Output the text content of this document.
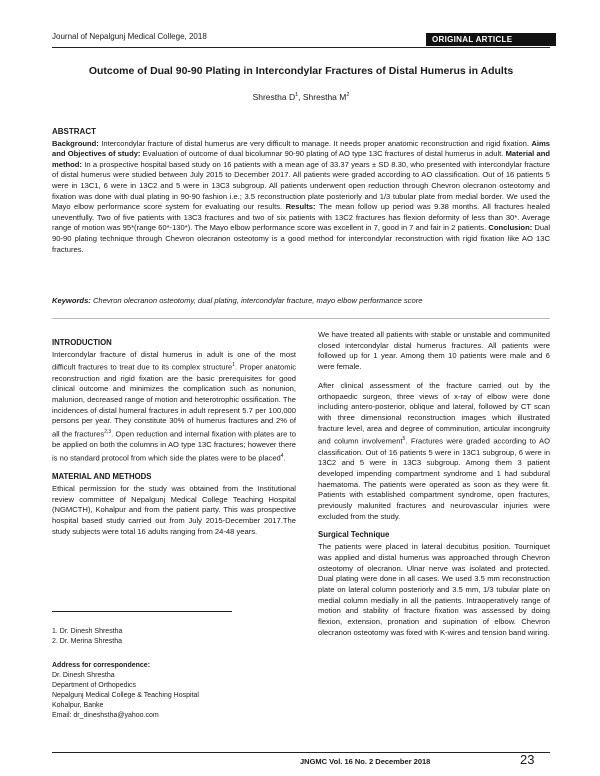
Journal of Nepalgunj Medical College, 2018	ORIGINAL ARTICLE
Outcome of Dual 90-90 Plating in Intercondylar Fractures of Distal Humerus in Adults
Shrestha $D^1$, Shrestha $M^2$
ABSTRACT
Background: Intercondylar fracture of distal humerus are very difficult to manage. It needs proper anatomic reconstruction and rigid fixation. Aims and Objectives of study: Evaluation of outcome of dual bicolumnar 90-90 plating of AO type 13C fractures of distal humerus in adult. Material and method: In a prospective hospital based study on 16 patients with a mean age of 33.37 years ± SD 8.30, who presented with intercondylar fracture of distal humerus were studied between July 2015 to December 2017. All patients were graded according to AO classification. Out of 16 patients 5 were in 13C1, 6 were in 13C2 and 5 were in 13C3 subgroup. All patients underwent open reduction through Chevron olecranon osteotomy and fixation was done with dual plating in 90-90 fashion i.e.; 3.5 reconstruction plate posteriorly and 1/3 tubular plate from medial border. We used the Mayo elbow performance score system for evaluating our results. Results: The mean follow up period was 9.38 months. All fractures healed uneventfully. Two of five patients with 13C3 fractures and two of six patients with 13C2 fractures has flexion deformity of less than 30*. Average range of motion was 95*(range 60*-130*). The Mayo elbow performance score was excellent in 7, good in 7 and fair in 2 patients. Conclusion: Dual 90-90 plating technique through Chevron olecranon osteotomy is a good method for intercondylar reconstruction with rigid fixation like AO 13C fractures.
Keywords: Chevron olecranon osteotomy, dual plating, intercondylar fracture, mayo elbow performance score
INTRODUCTION

Intercondylar fracture of distal humerus in adult is one of the most difficult fractures to treat due to its complex structure$^1$. Proper anatomic reconstruction and rigid fixation are the basic prerequisites for good clinical outcome and minimizes the complication such as nonunion, malunion, decreased range of motion and heterotrophic ossification. The incidences of distal humeral fractures in adult represent 5.7 per 100,000 persons per year. They constitute 30% of humerus fractures and 2% of all the fractures$^{2,3}$. Open reduction and internal fixation with plates are to be applied on both the columns in AO type 13C fractures; however there is no standard protocol from which side the plates were to be placed$^4$.

MATERIAL AND METHODS

Ethical permission for the study was obtained from the Institutional review committee of Nepalgunj Medical College Teaching Hospital (NGMCTH), Kohalpur and from the patient party. This was prospective hospital based study carried out from July 2015-December 2017.The study subjects were total 16 adults ranging from 24-48 years.

1. Dr. Dinesh Shrestha
2. Dr. Merina Shrestha
Address for correspondence:
Dr. Dinesh Shrestha
Department of Orthopedics
Nepalgunj Medical College & Teaching Hospital
Kohalpur, Banke
Email: dr_dineshstha@yahoo.com

We have treated all patients with stable or unstable and communited closed intercondylar distal humerus fractures. All patients were followed up for 1 year. Among them 10 patients were male and 6 were female.

After clinical assessment of the fracture carried out by the orthopaedic surgeon, three views of x-ray of elbow were done including antero-posterior, oblique and lateral, followed by CT scan with three dimensional reconstruction images which illustrated fracture level, area and degree of comminution, articular incongruity and column involvement$^5$. Fractures were graded according to AO classification. Out of 16 patients 5 were in 13C1 subgroup, 6 were in 13C2 and 5 were in 13C3 subgroup. Among them 3 patient developed impending compartment syndrome and 1 had subdural haematoma. The patients were operated as soon as they were fit. Patients with established compartment syndrome, open fractures, previously malunited fractures and neurovascular injuries were excluded from the study.

Surgical Technique

The patients were placed in lateral decubitus position. Tourniquet was applied and distal humerus was approached through Chevron osteotomy of olecranon. Ulnar nerve was isolated and protected. Dual plating were done in all cases. We used 3.5 mm reconstruction plate on lateral column posteriorly and 3.5 mm, 1/3 tubular plate on medial column medially in all the patients. Intraoperatively range of motion and stability of fracture fixation was assessed by doing flexion, extension, pronation and supination of elbow. Chevron olecranon osteotomy was fixed with K-wires and tension band wiring.

JNGMC Vol. 16 No. 2 December 2018	23
